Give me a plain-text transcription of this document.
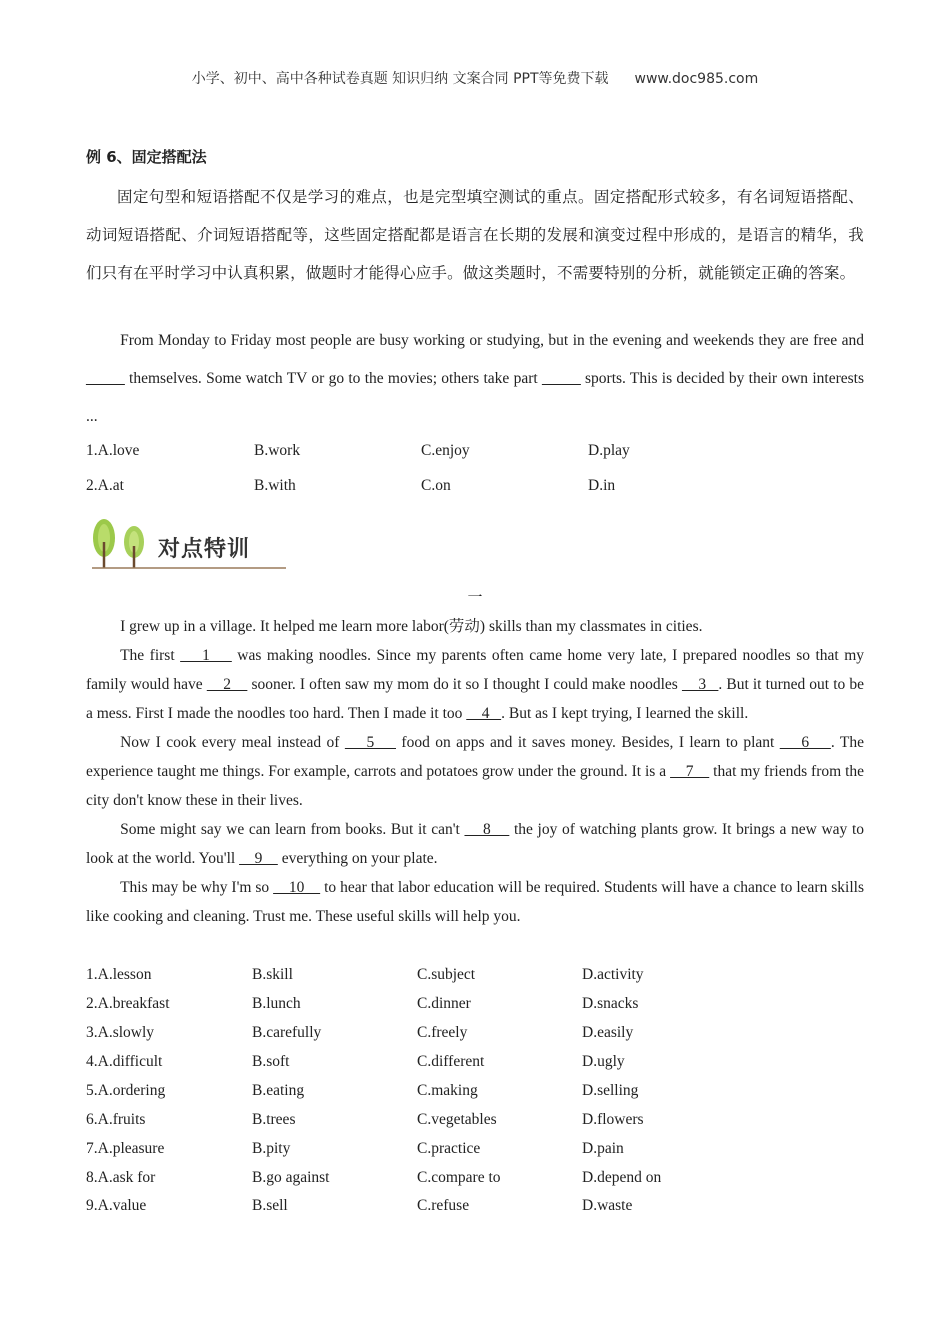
小学、初中、高中各种试卷真题 知识归纳 文案合同 PPT等免费下载 www.doc985.com
例 6、固定搭配法
固定句型和短语搭配不仅是学习的难点，也是完型填空测试的重点。固定搭配形式较多，有名词短语搭配、动词短语搭配、介词短语搭配等，这些固定搭配都是语言在长期的发展和演变过程中形成的，是语言的精华，我们只有在平时学习中认真积累，做题时才能得心应手。做这类题时，不需要特别的分析，就能锁定正确的答案。
From Monday to Friday most people are busy working or studying, but in the evening and weekends they are free and _____ themselves. Some watch TV or go to the movies; others take part _____ sports. This is decided by their own interests ...
1.A.love	B.work	C.enjoy	D.play
2.A.at	B.with	C.on	D.in
对点特训
一

I grew up in a village. It helped me learn more labor(劳动) skills than my classmates in cities.

The first     1     was making noodles. Since my parents often came home very late, I prepared noodles so that my family would have     2     sooner. I often saw my mom do it so I thought I could make noodles     3   . But it turned out to be a mess. First I made the noodles too hard. Then I made it too     4   . But as I kept trying, I learned the skill.

Now I cook every meal instead of     5     food on apps and it saves money. Besides, I learn to plant     6    . The experience taught me things. For example, carrots and potatoes grow under the ground. It is a     7     that my friends from the city don't know these in their lives.

Some might say we can learn from books. But it can't     8     the joy of watching plants grow. It brings a new way to look at the world. You'll     9     everything on your plate.

This may be why I'm so     10     to hear that labor education will be required. Students will have a chance to learn skills like cooking and cleaning. Trust me. These useful skills will help you.

1.A.lesson	B.skill	C.subject	D.activity
2.A.breakfast	B.lunch	C.dinner	D.snacks
3.A.slowly	B.carefully	C.freely	D.easily
4.A.difficult	B.soft	C.different	D.ugly
5.A.ordering	B.eating	C.making	D.selling
6.A.fruits	B.trees	C.vegetables	D.flowers
7.A.pleasure	B.pity	C.practice	D.pain
8.A.ask for	B.go against	C.compare to	D.depend on
9.A.value	B.sell	C.refuse	D.waste
